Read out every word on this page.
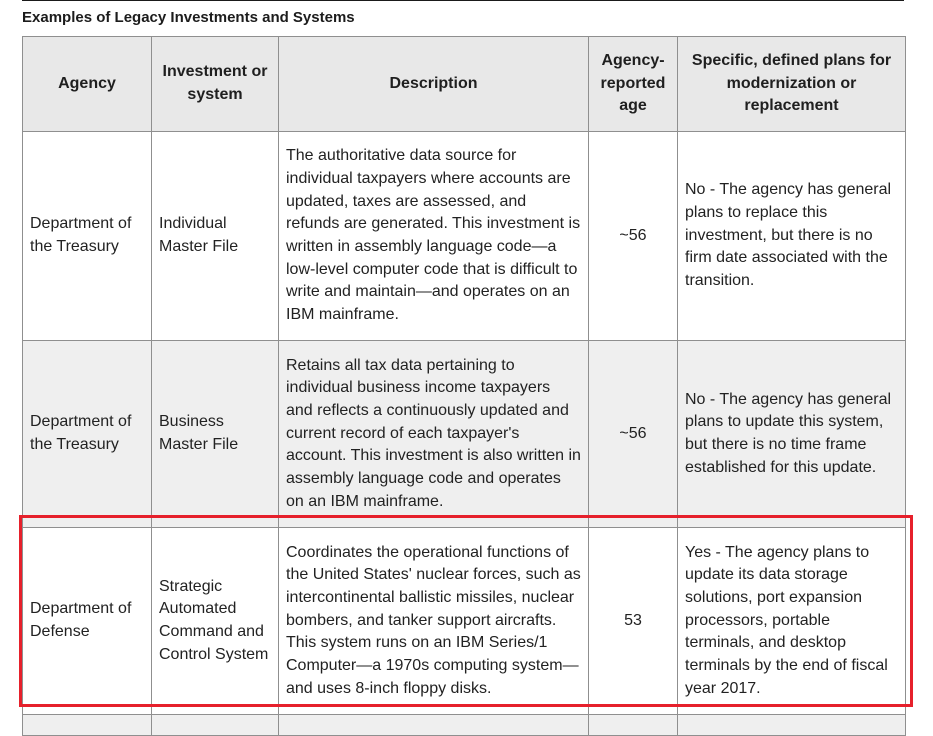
Examples of Legacy Investments and Systems
Agency	Investment or system	Description	Agency-reported age	Specific, defined plans for modernization or replacement
Department of the Treasury	Individual Master File	The authoritative data source for individual taxpayers where accounts are updated, taxes are assessed, and refunds are generated. This investment is written in assembly language code—a low-level computer code that is difficult to write and maintain—and operates on an IBM mainframe.	~56	No - The agency has general plans to replace this investment, but there is no firm date associated with the transition.
Department of the Treasury	Business Master File	Retains all tax data pertaining to individual business income taxpayers and reflects a continuously updated and current record of each taxpayer's account. This investment is also written in assembly language code and operates on an IBM mainframe.	~56	No - The agency has general plans to update this system, but there is no time frame established for this update.
Department of Defense	Strategic Automated Command and Control System	Coordinates the operational functions of the United States' nuclear forces, such as intercontinental ballistic missiles, nuclear bombers, and tanker support aircrafts. This system runs on an IBM Series/1 Computer—a 1970s computing system—and uses 8-inch floppy disks.	53	Yes - The agency plans to update its data storage solutions, port expansion processors, portable terminals, and desktop terminals by the end of fiscal year 2017.
